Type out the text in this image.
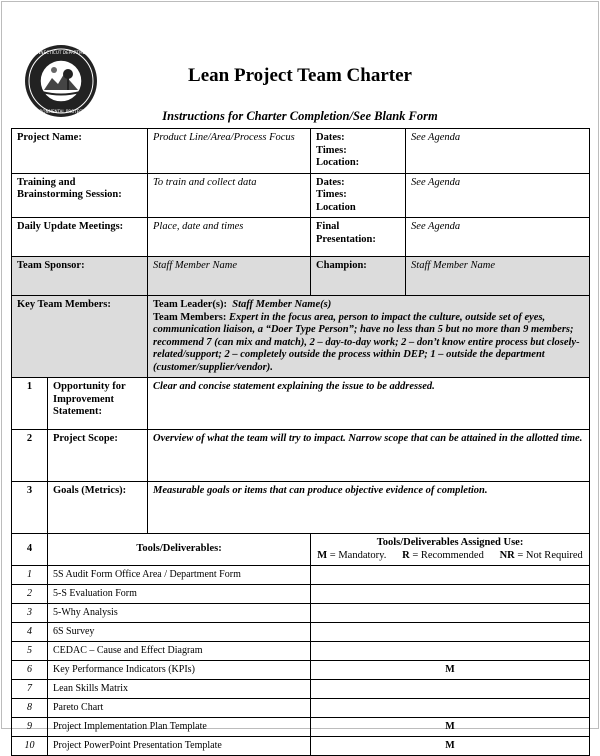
CONNECTICUT DEPARTMENT
ENVIRONMENTAL PROTECTION
Lean Project Team Charter
Instructions for Charter Completion/See Blank Form
Project Name:		Product Line/Area/Process Focus	Dates:
Times:
Location:	See Agenda
Training and Brainstorming Session:		To train and collect data	Dates:
Times:
Location	See Agenda
Daily Update Meetings:		Place, date and times	Final Presentation:	See Agenda
Team Sponsor:		Staff Member Name	Champion:	Staff Member Name
Key Team Members:		Team Leader(s): Staff Member Name(s)
Team Members: Expert in the focus area, person to impact the culture, outside set of eyes, communication liaison, a “Doer Type Person”; have no less than 5 but no more than 9 members; recommend 7 (can mix and match), 2 – day-to-day work; 2 – don’t know entire process but closely-related/support; 2 – completely outside the process within DEP; 1 – outside the department (customer/supplier/vendor).		

1	Opportunity for Improvement Statement:	Clear and concise statement explaining the issue to be addressed.		
2	Project Scope:	Overview of what the team will try to impact. Narrow scope that can be attained in the allotted time.		
3	Goals (Metrics):	Measurable goals or items that can produce objective evidence of completion.		
4	Tools/Deliverables:		Tools/Deliverables Assigned Use:
M = Mandatory. R = Recommended NR = Not Required	

1	5S Audit Form Office Area / Department Form			
2	5-S Evaluation Form			
3	5-Why Analysis			
4	6S Survey			
5	CEDAC – Cause and Effect Diagram			
6	Key Performance Indicators (KPIs)		M	
7	Lean Skills Matrix			
8	Pareto Chart			
9	Project Implementation Plan Template		M	
10	Project PowerPoint Presentation Template		M	
